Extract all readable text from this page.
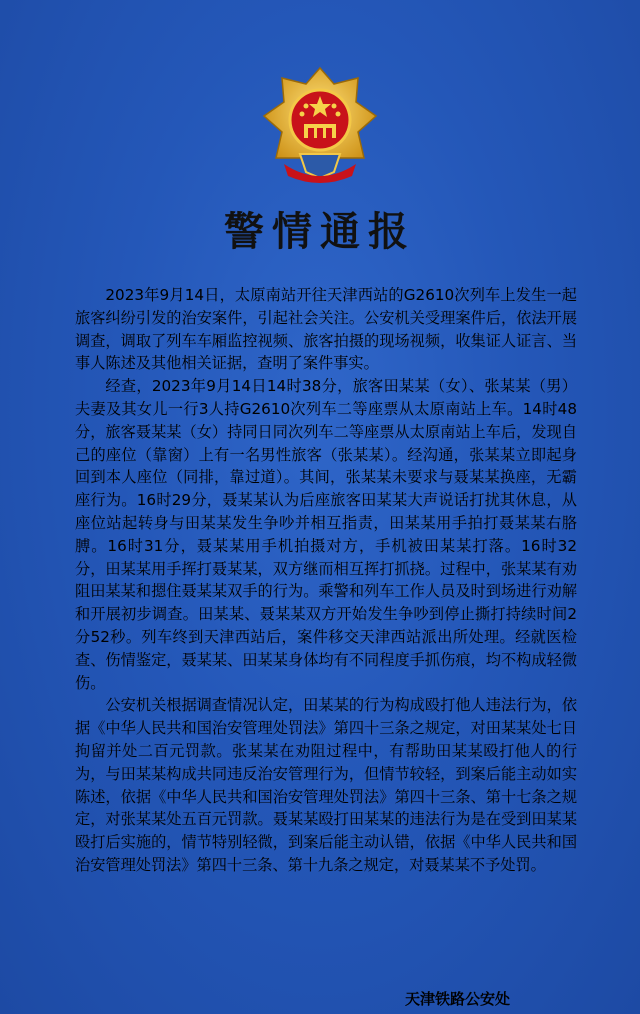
警情通报

2023年9月14日，太原南站开往天津西站的G2610次列车上发生一起旅客纠纷引发的治安案件，引起社会关注。公安机关受理案件后，依法开展调查，调取了列车车厢监控视频、旅客拍摄的现场视频，收集证人证言、当事人陈述及其他相关证据，查明了案件事实。

经查，2023年9月14日14时38分，旅客田某某（女）、张某某（男）夫妻及其女儿一行3人持G2610次列车二等座票从太原南站上车。14时48分，旅客聂某某（女）持同日同次列车二等座票从太原南站上车后，发现自己的座位（靠窗）上有一名男性旅客（张某某）。经沟通，张某某立即起身回到本人座位（同排，靠过道）。其间，张某某未要求与聂某某换座，无霸座行为。16时29分，聂某某认为后座旅客田某某大声说话打扰其休息，从座位站起转身与田某某发生争吵并相互指责，田某某用手拍打聂某某右胳膊。16时31分，聂某某用手机拍摄对方，手机被田某某打落。16时32分，田某某用手挥打聂某某，双方继而相互挥打抓挠。过程中，张某某有劝阻田某某和摁住聂某某双手的行为。乘警和列车工作人员及时到场进行劝解和开展初步调查。田某某、聂某某双方开始发生争吵到停止撕打持续时间2分52秒。列车终到天津西站后，案件移交天津西站派出所处理。经就医检查、伤情鉴定，聂某某、田某某身体均有不同程度手抓伤痕，均不构成轻微伤。

公安机关根据调查情况认定，田某某的行为构成殴打他人违法行为，依据《中华人民共和国治安管理处罚法》第四十三条之规定，对田某某处七日拘留并处二百元罚款。张某某在劝阻过程中，有帮助田某某殴打他人的行为，与田某某构成共同违反治安管理行为，但情节较轻，到案后能主动如实陈述，依据《中华人民共和国治安管理处罚法》第四十三条、第十七条之规定，对张某某处五百元罚款。聂某某殴打田某某的违法行为是在受到田某某殴打后实施的，情节特别轻微，到案后能主动认错，依据《中华人民共和国治安管理处罚法》第四十三条、第十九条之规定，对聂某某不予处罚。

天津铁路公安处
